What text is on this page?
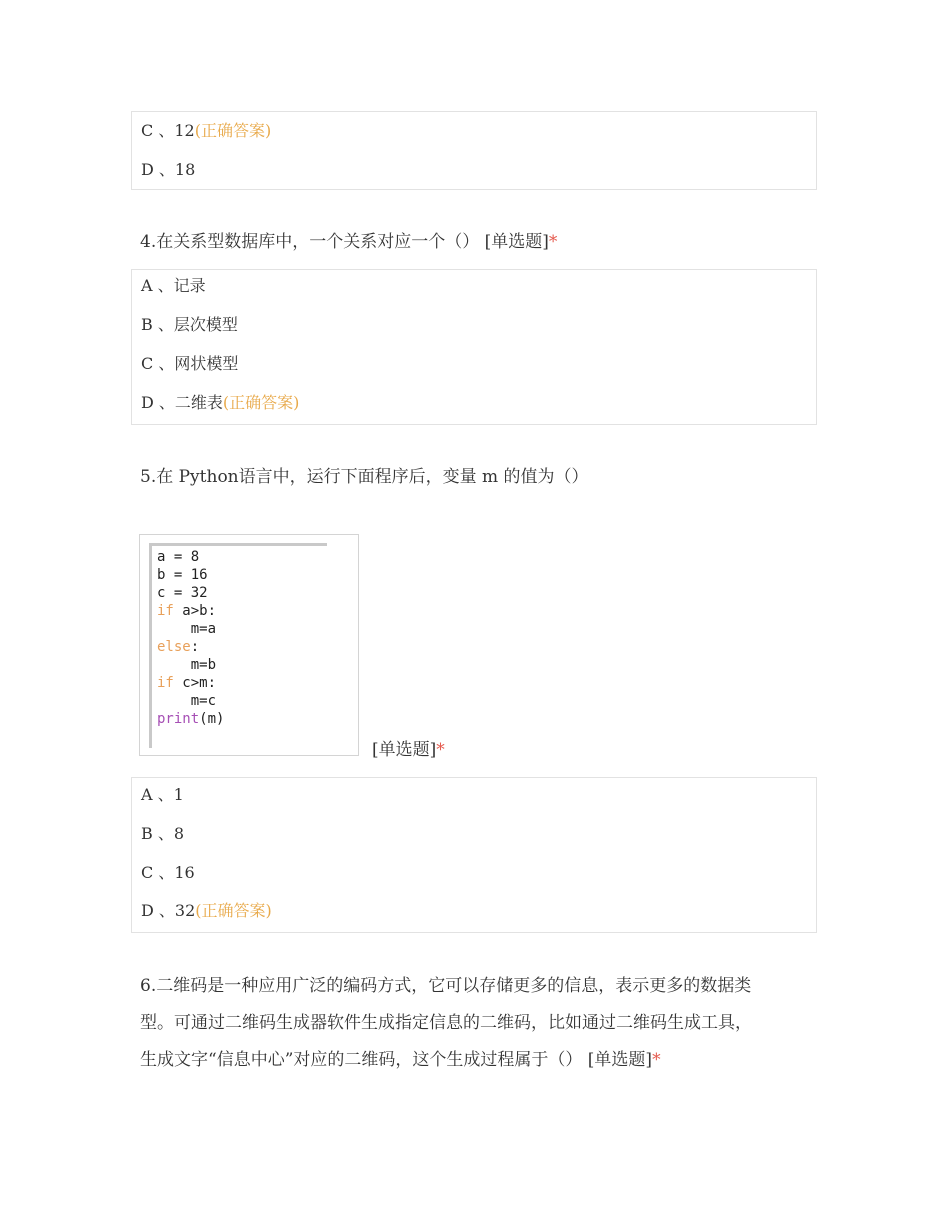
C 、12(正确答案)
D 、18
4.在关系型数据库中，一个关系对应一个（） [单选题]*
A 、记录
B 、层次模型
C 、网状模型
D 、二维表(正确答案)
5.在 Python语言中，运行下面程序后，变量 m 的值为（）
a = 8
b = 16
c = 32
if a>b:
m=a
else:
m=b
if c>m:
m=c
print(m)
[单选题]*
A 、1
B 、8
C 、16
D 、32(正确答案)
6.二维码是一种应用广泛的编码方式，它可以存储更多的信息，表示更多的数据类
型。可通过二维码生成器软件生成指定信息的二维码，比如通过二维码生成工具，
生成文字“信息中心”对应的二维码，这个生成过程属于（） [单选题]*
